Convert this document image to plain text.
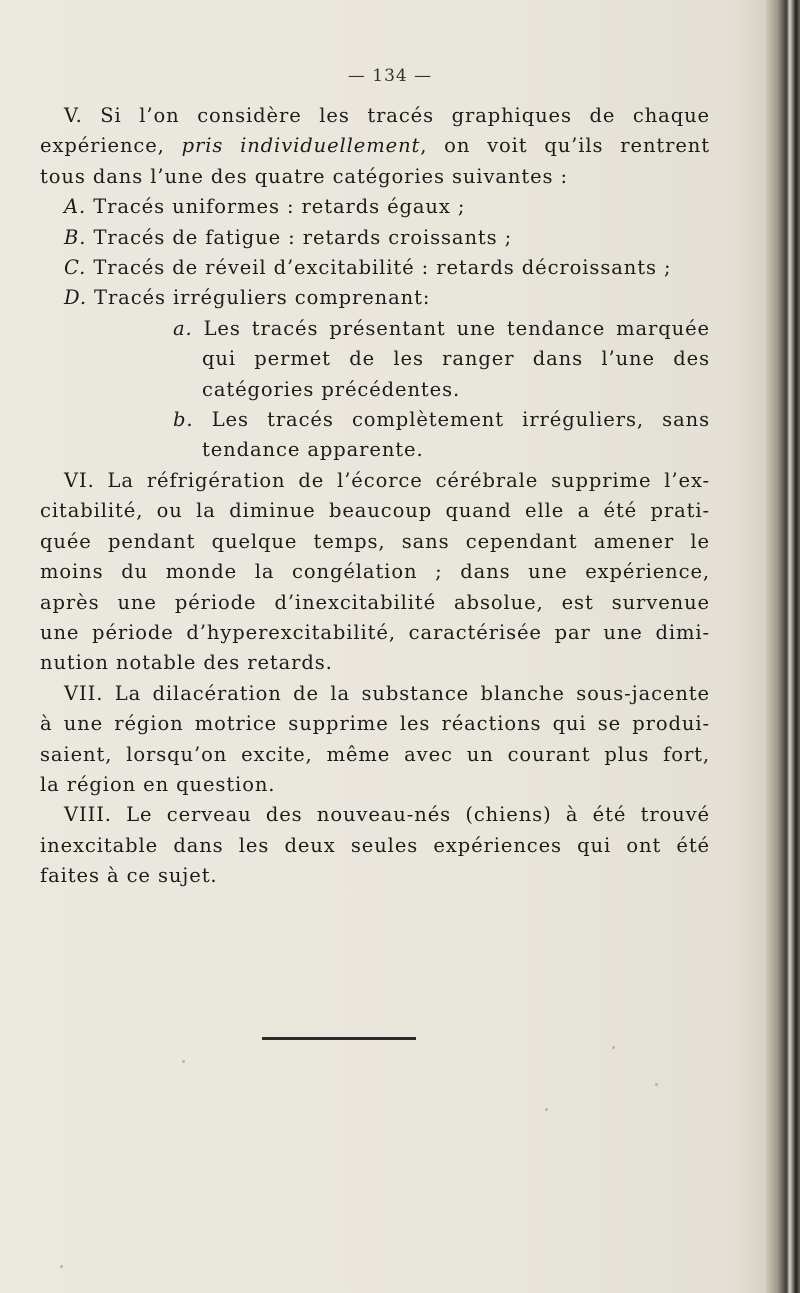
— 134 —
V. Si l’on considère les tracés graphiques de chaque
expérience, pris individuellement, on voit qu’ils rentrent
tous dans l’une des quatre catégories suivantes :
A. Tracés uniformes : retards égaux ;
B. Tracés de fatigue : retards croissants ;
C. Tracés de réveil d’excitabilité : retards décroissants ;
D. Tracés irréguliers comprenant:
a. Les tracés présentant une tendance marquée
qui permet de les ranger dans l’une des
catégories précédentes.
b. Les tracés complètement irréguliers, sans
tendance apparente.
VI. La réfrigération de l’écorce cérébrale supprime l’ex-
citabilité, ou la diminue beaucoup quand elle a été prati-
quée pendant quelque temps, sans cependant amener le
moins du monde la congélation ; dans une expérience,
après une période d’inexcitabilité absolue, est survenue
une période d’hyperexcitabilité, caractérisée par une dimi-
nution notable des retards.
VII. La dilacération de la substance blanche sous-jacente
à une région motrice supprime les réactions qui se produi-
saient, lorsqu’on excite, même avec un courant plus fort,
la région en question.
VIII. Le cerveau des nouveau-nés (chiens) à été trouvé
inexcitable dans les deux seules expériences qui ont été
faites à ce sujet.
